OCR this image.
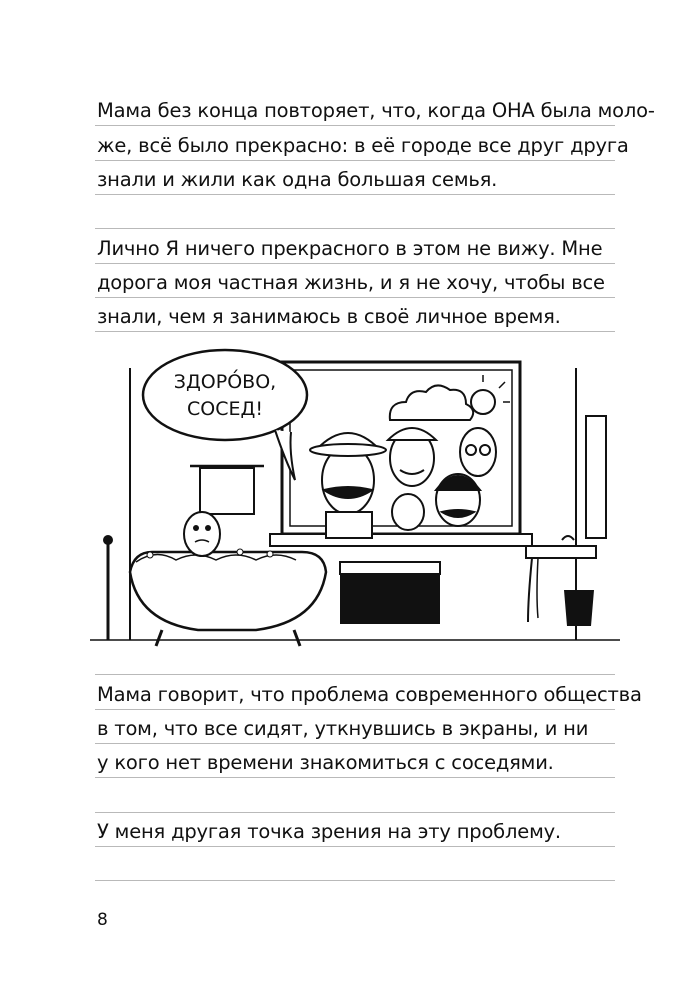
Мама без конца повторяет, что, когда ОНА была моло-
же, всё было прекрасно: в её городе все друг друга
знали и жили как одна большая семья.
Лично Я ничего прекрасного в этом не вижу. Мне
дорога моя частная жизнь, и я не хочу, чтобы все
знали, чем я занимаюсь в своё личное время.
ЗДОРО́ВО,
СОСЕД!
Мама говорит, что проблема современного общества
в том, что все сидят, уткнувшись в экраны, и ни
у кого нет времени знакомиться с соседями.
У меня другая точка зрения на эту проблему.
8
